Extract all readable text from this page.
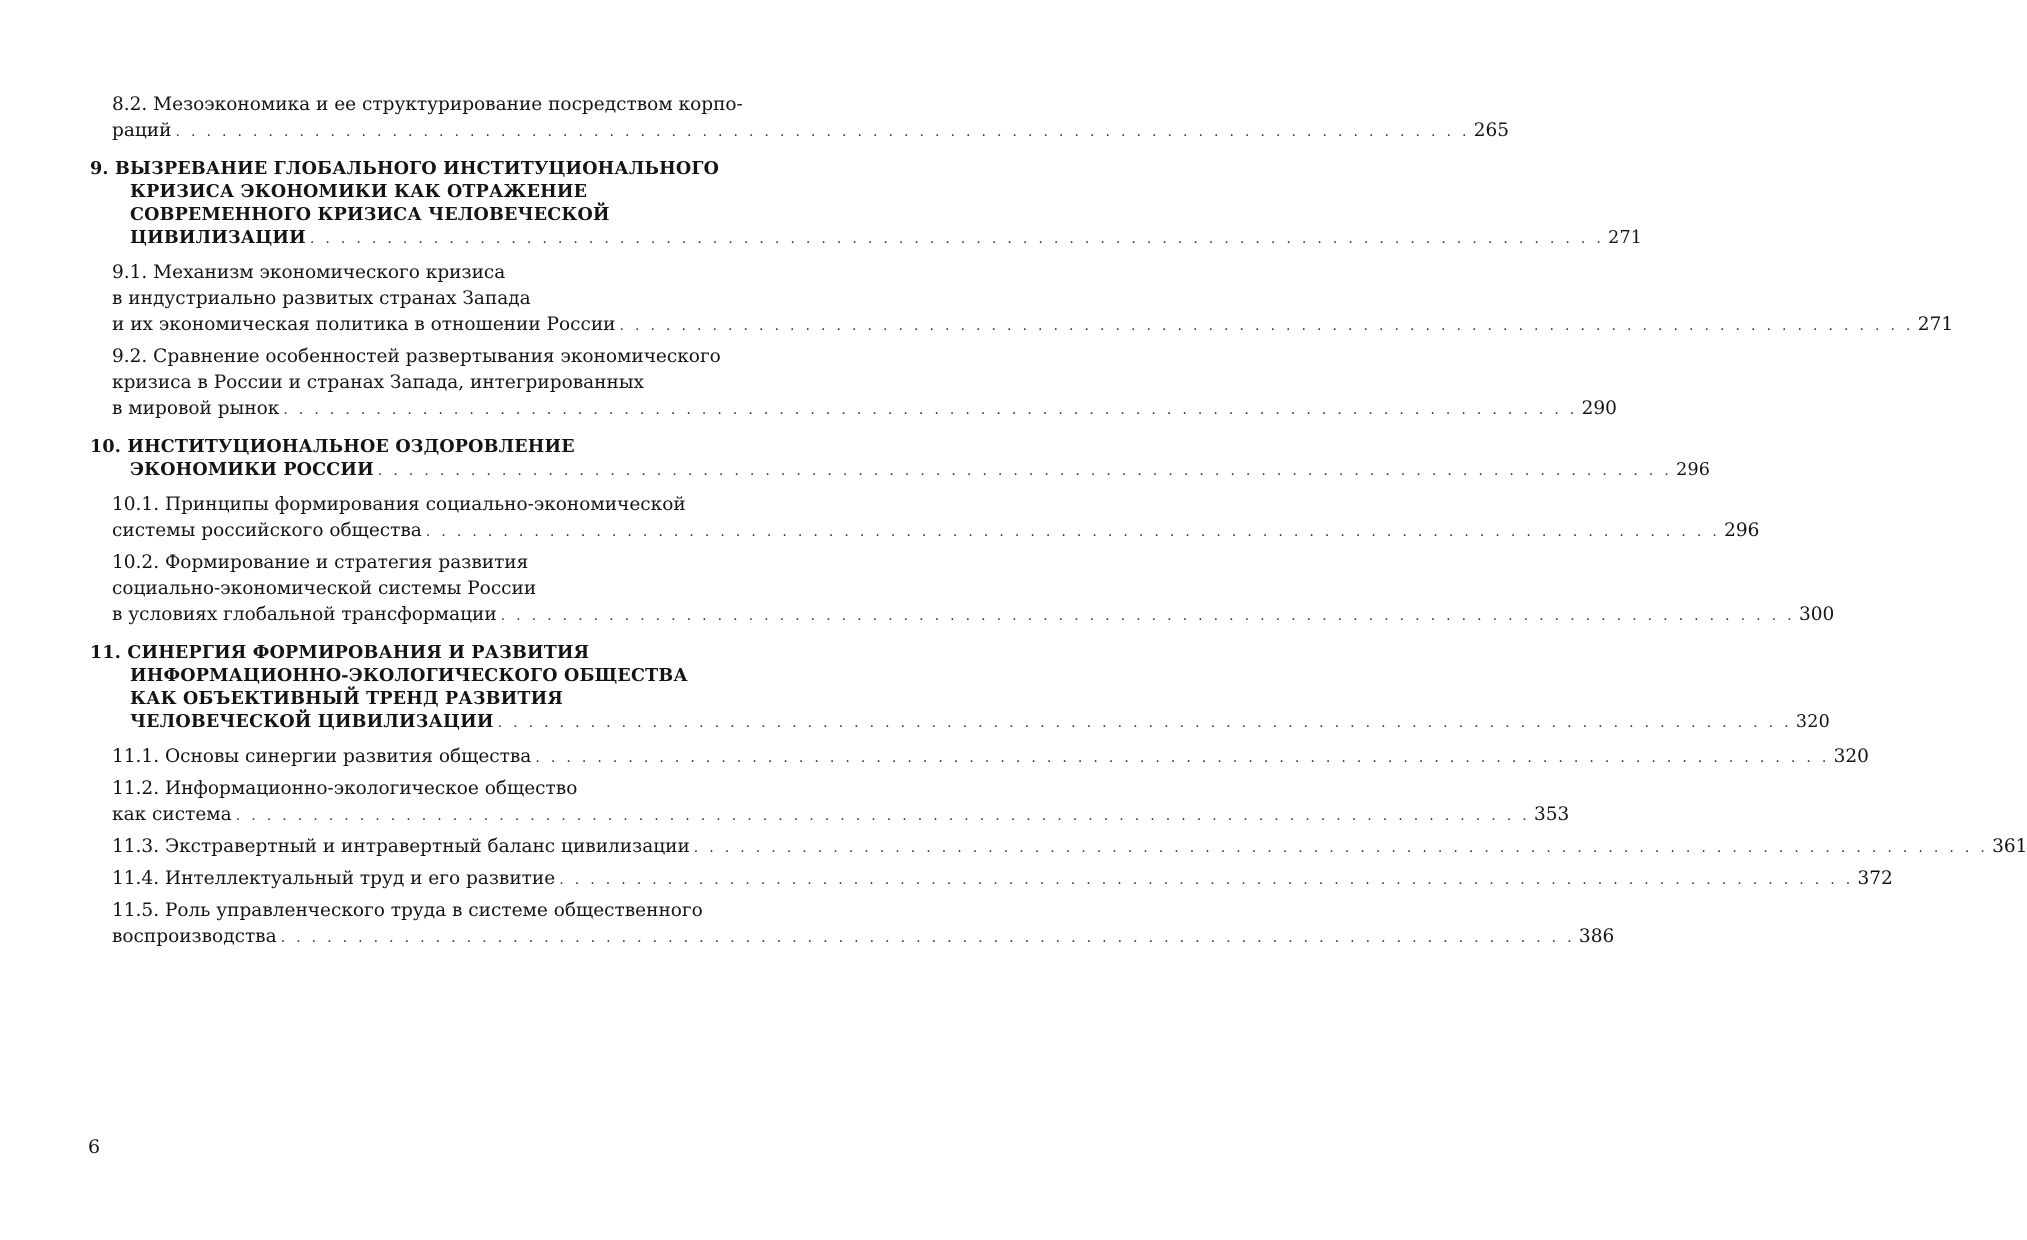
8.2. Мезоэкономика и ее структурирование посредством корпо-
раций . . . . . . . . . . . . . . . . . . . . . . . . . . . . . . . . . . . . . . . . . . . . . . . . . . . . . . . . . . . . . . . . . . . . . . . . . . . . . . . . . . . . 265
9. ВЫЗРЕВАНИЕ ГЛОБАЛЬНОГО ИНСТИТУЦИОНАЛЬНОГО
КРИЗИСА ЭКОНОМИКИ КАК ОТРАЖЕНИЕ
СОВРЕМЕННОГО КРИЗИСА ЧЕЛОВЕЧЕСКОЙ
ЦИВИЛИЗАЦИИ . . . . . . . . . . . . . . . . . . . . . . . . . . . . . . . . . . . . . . . . . . . . . . . . . . . . . . . . . . . . . . . . . . . . . . . . . . . . . . . . . . . . 271
9.1. Механизм экономического кризиса
в индустриально развитых странах Запада
и их экономическая политика в отношении России . . . . . . . . . . . . . . . . . . . . . . . . . . . . . . . . . . . . . . . . . . . . . . . . . . . . . . . . . . . . . . . . . . . . . . . . . . . . . . . . . . . . 271
9.2. Сравнение особенностей развертывания экономического
кризиса в России и странах Запада, интегрированных
в мировой рынок . . . . . . . . . . . . . . . . . . . . . . . . . . . . . . . . . . . . . . . . . . . . . . . . . . . . . . . . . . . . . . . . . . . . . . . . . . . . . . . . . . . . 290
10. ИНСТИТУЦИОНАЛЬНОЕ ОЗДОРОВЛЕНИЕ
ЭКОНОМИКИ РОССИИ . . . . . . . . . . . . . . . . . . . . . . . . . . . . . . . . . . . . . . . . . . . . . . . . . . . . . . . . . . . . . . . . . . . . . . . . . . . . . . . . . . . . 296
10.1. Принципы формирования социально-экономической
системы российского общества . . . . . . . . . . . . . . . . . . . . . . . . . . . . . . . . . . . . . . . . . . . . . . . . . . . . . . . . . . . . . . . . . . . . . . . . . . . . . . . . . . . . 296
10.2. Формирование и стратегия развития
социально-экономической системы России
в условиях глобальной трансформации . . . . . . . . . . . . . . . . . . . . . . . . . . . . . . . . . . . . . . . . . . . . . . . . . . . . . . . . . . . . . . . . . . . . . . . . . . . . . . . . . . . . 300
11. СИНЕРГИЯ ФОРМИРОВАНИЯ И РАЗВИТИЯ
ИНФОРМАЦИОННО-ЭКОЛОГИЧЕСКОГО ОБЩЕСТВА
КАК ОБЪЕКТИВНЫЙ ТРЕНД РАЗВИТИЯ
ЧЕЛОВЕЧЕСКОЙ ЦИВИЛИЗАЦИИ . . . . . . . . . . . . . . . . . . . . . . . . . . . . . . . . . . . . . . . . . . . . . . . . . . . . . . . . . . . . . . . . . . . . . . . . . . . . . . . . . . . . 320
11.1. Основы синергии развития общества . . . . . . . . . . . . . . . . . . . . . . . . . . . . . . . . . . . . . . . . . . . . . . . . . . . . . . . . . . . . . . . . . . . . . . . . . . . . . . . . . . . . 320
11.2. Информационно-экологическое общество
как система . . . . . . . . . . . . . . . . . . . . . . . . . . . . . . . . . . . . . . . . . . . . . . . . . . . . . . . . . . . . . . . . . . . . . . . . . . . . . . . . . . . . 353
11.3. Экстравертный и интравертный баланс цивилизации . . . . . . . . . . . . . . . . . . . . . . . . . . . . . . . . . . . . . . . . . . . . . . . . . . . . . . . . . . . . . . . . . . . . . . . . . . . . . . . . . . . . 361
11.4. Интеллектуальный труд и его развитие . . . . . . . . . . . . . . . . . . . . . . . . . . . . . . . . . . . . . . . . . . . . . . . . . . . . . . . . . . . . . . . . . . . . . . . . . . . . . . . . . . . . 372
11.5. Роль управленческого труда в системе общественного
воспроизводства . . . . . . . . . . . . . . . . . . . . . . . . . . . . . . . . . . . . . . . . . . . . . . . . . . . . . . . . . . . . . . . . . . . . . . . . . . . . . . . . . . . . 386
6
